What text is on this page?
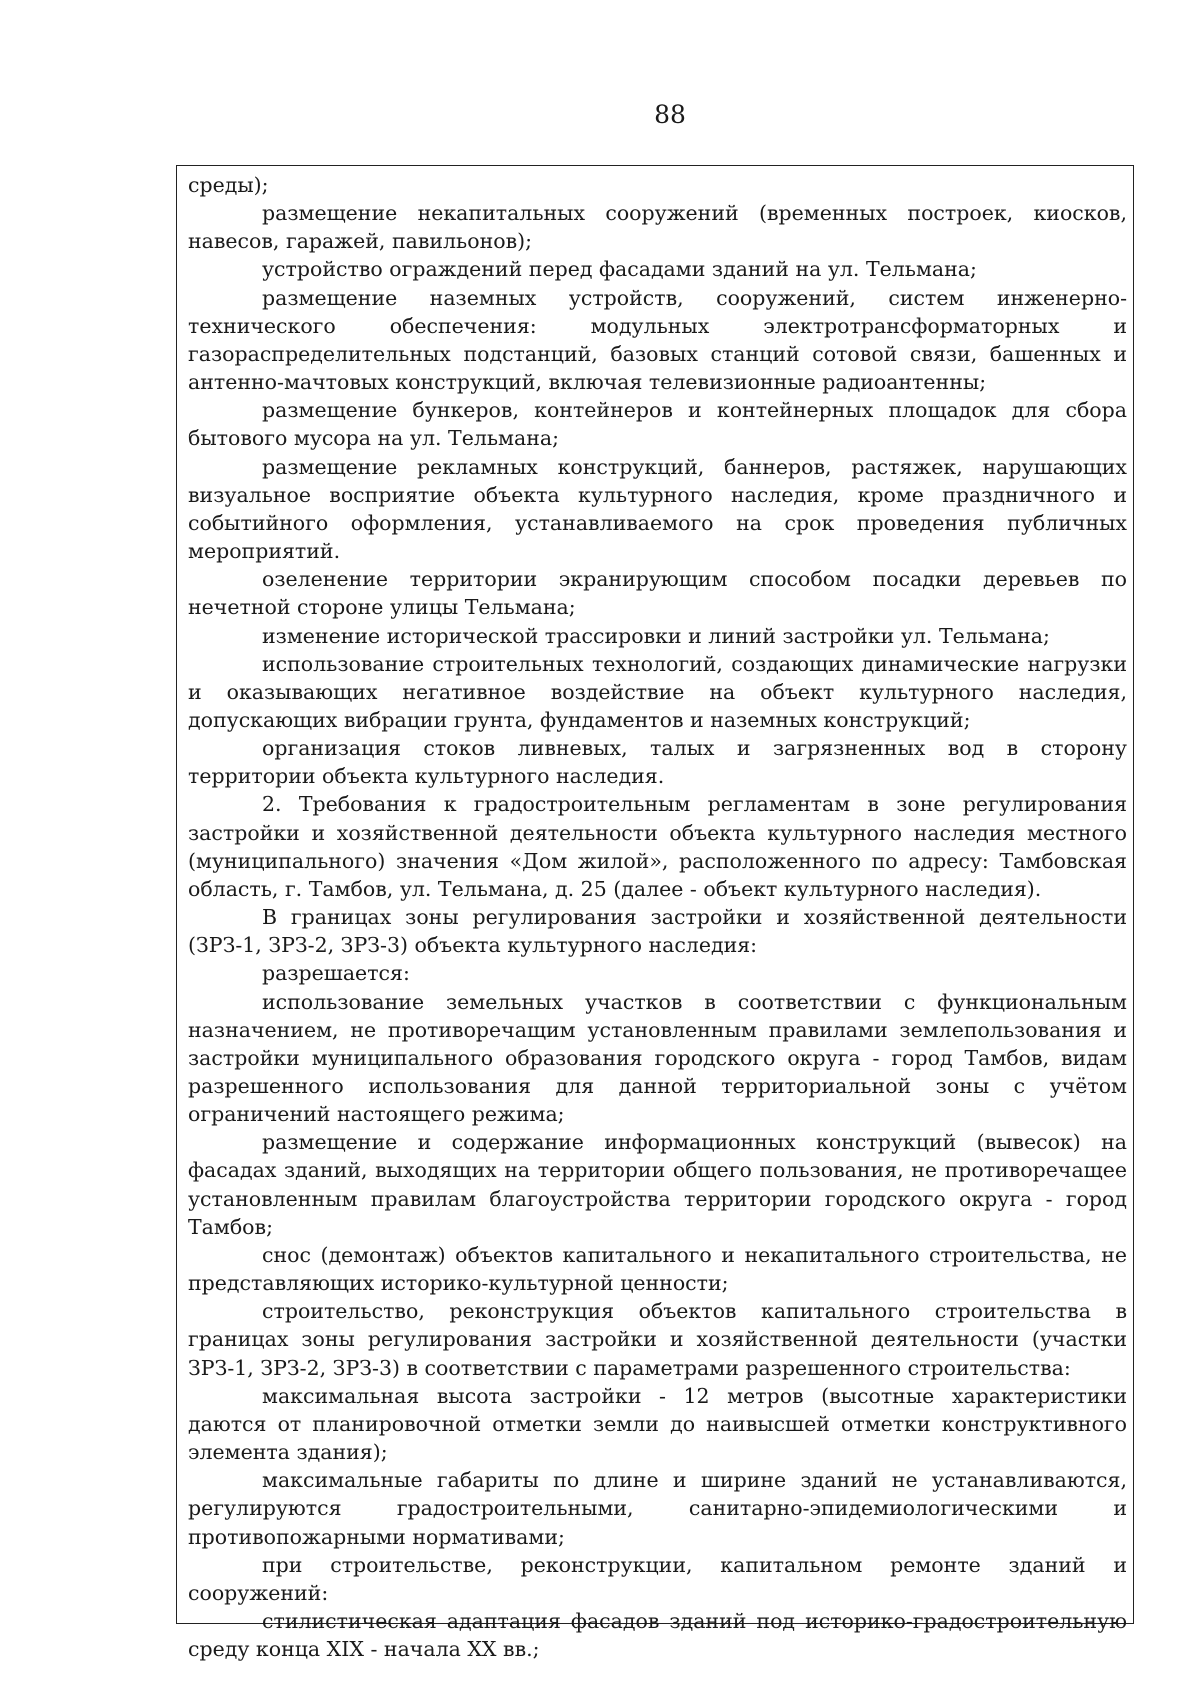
88

среды);

размещение некапитальных сооружений (временных построек, киосков, навесов, гаражей, павильонов);

устройство ограждений перед фасадами зданий на ул. Тельмана;

размещение наземных устройств, сооружений, систем инженерно-технического обеспечения: модульных электротрансформаторных и газораспределительных подстанций, базовых станций сотовой связи, башенных и антенно-мачтовых конструкций, включая телевизионные радиоантенны;

размещение бункеров, контейнеров и контейнерных площадок для сбора бытового мусора на ул. Тельмана;

размещение рекламных конструкций, баннеров, растяжек, нарушающих визуальное восприятие объекта культурного наследия, кроме праздничного и событийного оформления, устанавливаемого на срок проведения публичных мероприятий.

озеленение территории экранирующим способом посадки деревьев по нечетной стороне улицы Тельмана;

изменение исторической трассировки и линий застройки ул. Тельмана;

использование строительных технологий, создающих динамические нагрузки и оказывающих негативное воздействие на объект культурного наследия, допускающих вибрации грунта, фундаментов и наземных конструкций;

организация стоков ливневых, талых и загрязненных вод в сторону территории объекта культурного наследия.

2. Требования к градостроительным регламентам в зоне регулирования застройки и хозяйственной деятельности объекта культурного наследия местного (муниципального) значения «Дом жилой», расположенного по адресу: Тамбовская область, г. Тамбов, ул. Тельмана, д. 25 (далее - объект культурного наследия).

В границах зоны регулирования застройки и хозяйственной деятельности (ЗРЗ-1, ЗРЗ-2, ЗРЗ-3) объекта культурного наследия:

разрешается:

использование земельных участков в соответствии с функциональным назначением, не противоречащим установленным правилами землепользования и застройки муниципального образования городского округа - город Тамбов, видам разрешенного использования для данной территориальной зоны с учётом ограничений настоящего режима;

размещение и содержание информационных конструкций (вывесок) на фасадах зданий, выходящих на территории общего пользования, не противоречащее установленным правилам благоустройства территории городского округа - город Тамбов;

снос (демонтаж) объектов капитального и некапитального строительства, не представляющих историко-культурной ценности;

строительство, реконструкция объектов капитального строительства в границах зоны регулирования застройки и хозяйственной деятельности (участки ЗРЗ-1, ЗРЗ-2, ЗРЗ-3) в соответствии с параметрами разрешенного строительства:

максимальная высота застройки - 12 метров (высотные характеристики даются от планировочной отметки земли до наивысшей отметки конструктивного элемента здания);

максимальные габариты по длине и ширине зданий не устанавливаются, регулируются градостроительными, санитарно-эпидемиологическими и противопожарными нормативами;

при строительстве, реконструкции, капитальном ремонте зданий и сооружений:

стилистическая адаптация фасадов зданий под историко-градостроительную среду конца XIX - начала XX вв.;
